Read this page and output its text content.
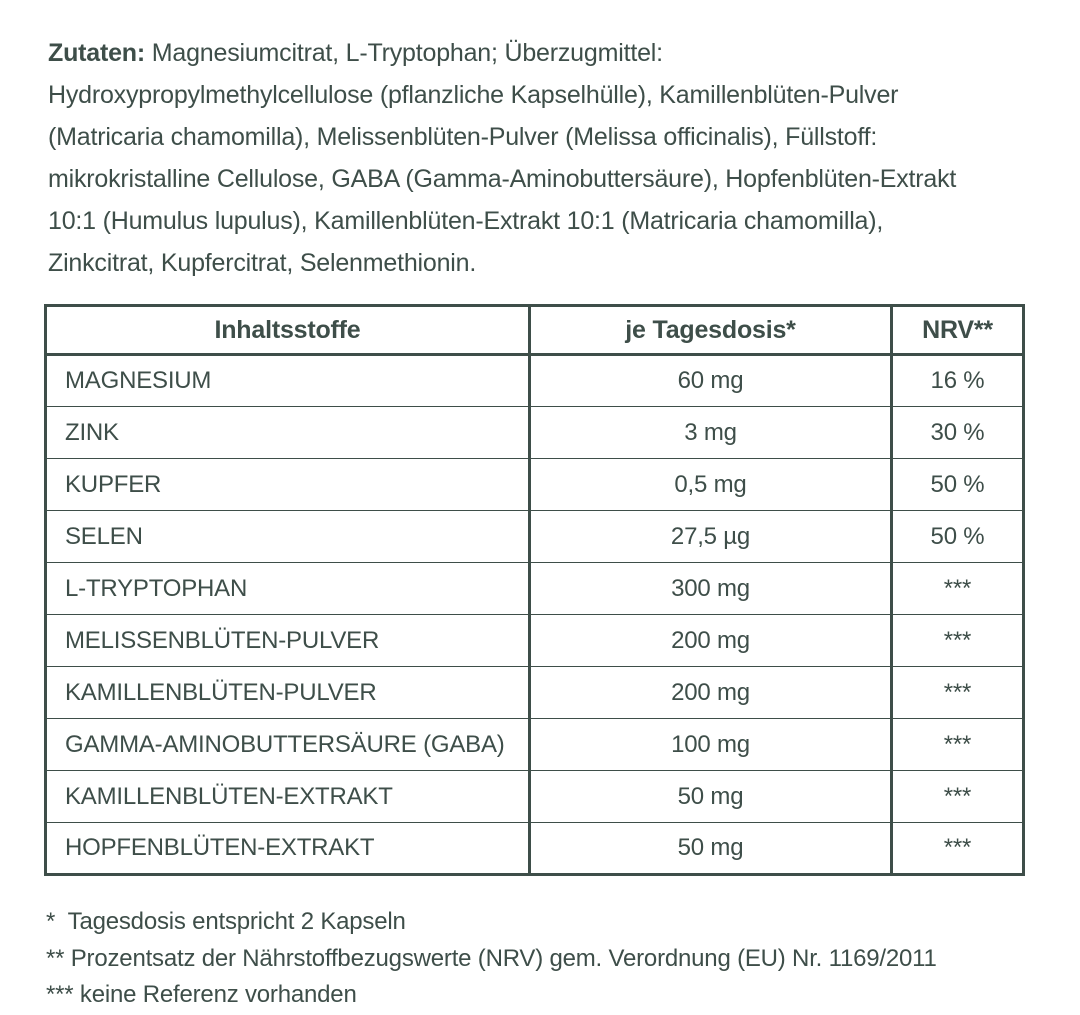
Zutaten: Magnesiumcitrat, L-Tryptophan; Überzugmittel: Hydroxypropylmethylcellulose (pflanzliche Kapselhülle), Kamillenblüten-Pulver (Matricaria chamomilla), Melissenblüten-Pulver (Melissa officinalis), Füllstoff: mikrokristalline Cellulose, GABA (Gamma-Aminobuttersäure), Hopfenblüten-Extrakt 10:1 (Humulus lupulus), Kamillenblüten-Extrakt 10:1 (Matricaria chamomilla), Zinkcitrat, Kupfercitrat, Selenmethionin.

Inhaltsstoffe	je Tagesdosis*	NRV**
MAGNESIUM	60 mg	16 %
ZINK	3 mg	30 %
KUPFER	0,5 mg	50 %
SELEN	27,5 µg	50 %
L-TRYPTOPHAN	300 mg	***
MELISSENBLÜTEN-PULVER	200 mg	***
KAMILLENBLÜTEN-PULVER	200 mg	***
GAMMA-AMINOBUTTERSÄURE (GABA)	100 mg	***
KAMILLENBLÜTEN-EXTRAKT	50 mg	***
HOPFENBLÜTEN-EXTRAKT	50 mg	***
*  Tagesdosis entspricht 2 Kapseln
** Prozentsatz der Nährstoffbezugswerte (NRV) gem. Verordnung (EU) Nr. 1169/2011
*** keine Referenz vorhanden
